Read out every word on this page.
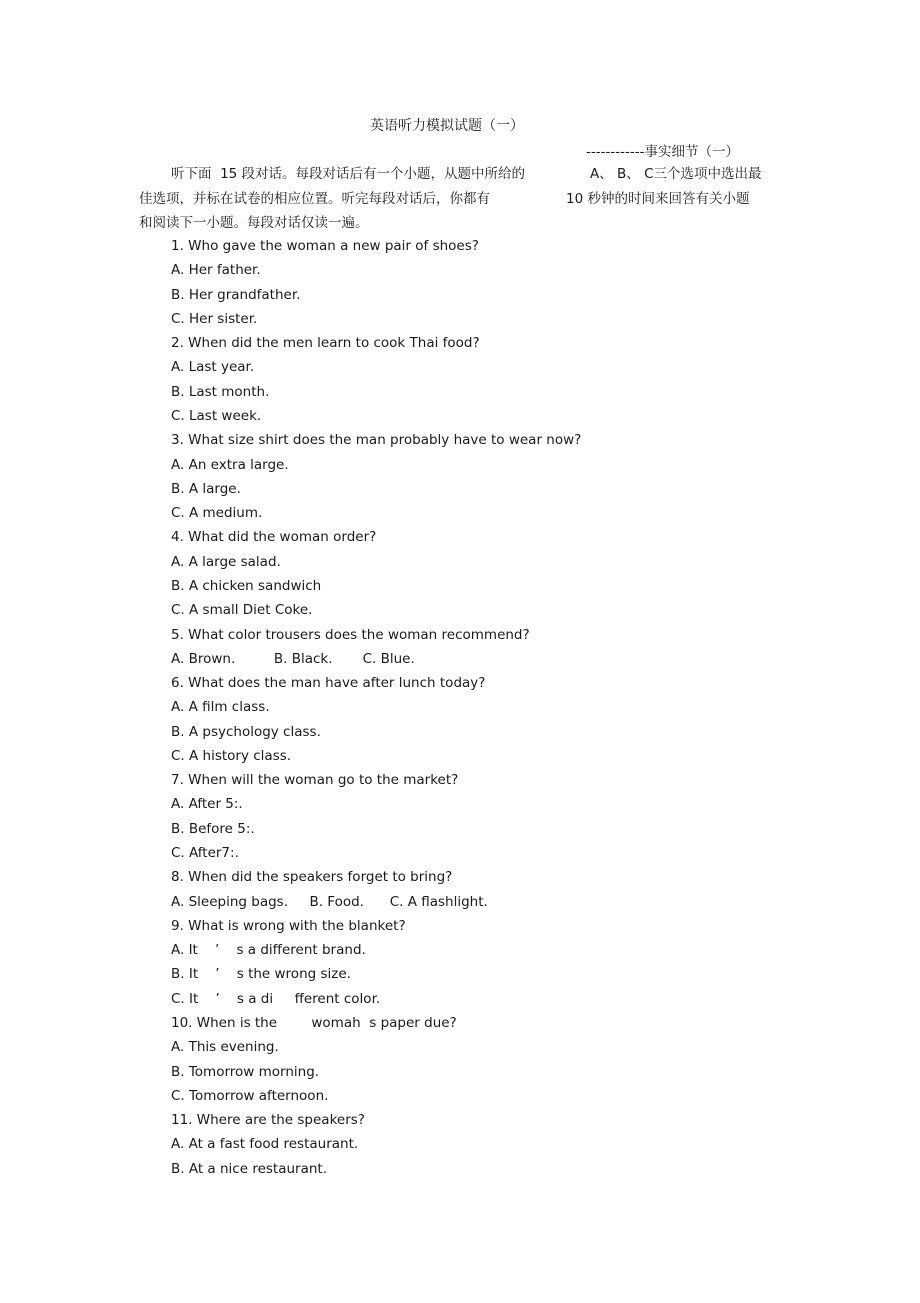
英语听力模拟试题（一）
------------事实细节（一）
听下面  15 段对话。每段对话后有一个小题，从题中所给的	A、 B、 C三个选项中选出最
佳选项，并标在试卷的相应位置。听完每段对话后，你都有	10 秒钟的时间来回答有关小题
和阅读下一小题。每段对话仅读一遍。
1. Who gave the woman a new pair of shoes?
A. Her father.
B. Her grandfather.
C. Her sister.
2. When did the men learn to cook Thai food?
A. Last year.
B. Last month.
C. Last week.
3. What size shirt does the man probably have to wear now?
A. An extra large.
B. A large.
C. A medium.
4. What did the woman order?
A. A large salad.
B. A chicken sandwich
C. A small Diet Coke.
5. What color trousers does the woman recommend?
A. Brown.         B. Black.       C. Blue.
6. What does the man have after lunch today?
A. A film class.
B. A psychology class.
C. A history class.
7. When will the woman go to the market?
A. After 5:.
B. Before 5:.
C. After7:.
8. When did the speakers forget to bring?
A. Sleeping bags.     B. Food.      C. A flashlight.
9. What is wrong with the blanket?
A. It    ’    s a different brand.
B. It    ’    s the wrong size.
C. It    ’    s a di     fferent color.
10. When is the        womah  s paper due?
A. This evening.
B. Tomorrow morning.
C. Tomorrow afternoon.
11. Where are the speakers?
A. At a fast food restaurant.
B. At a nice restaurant.
